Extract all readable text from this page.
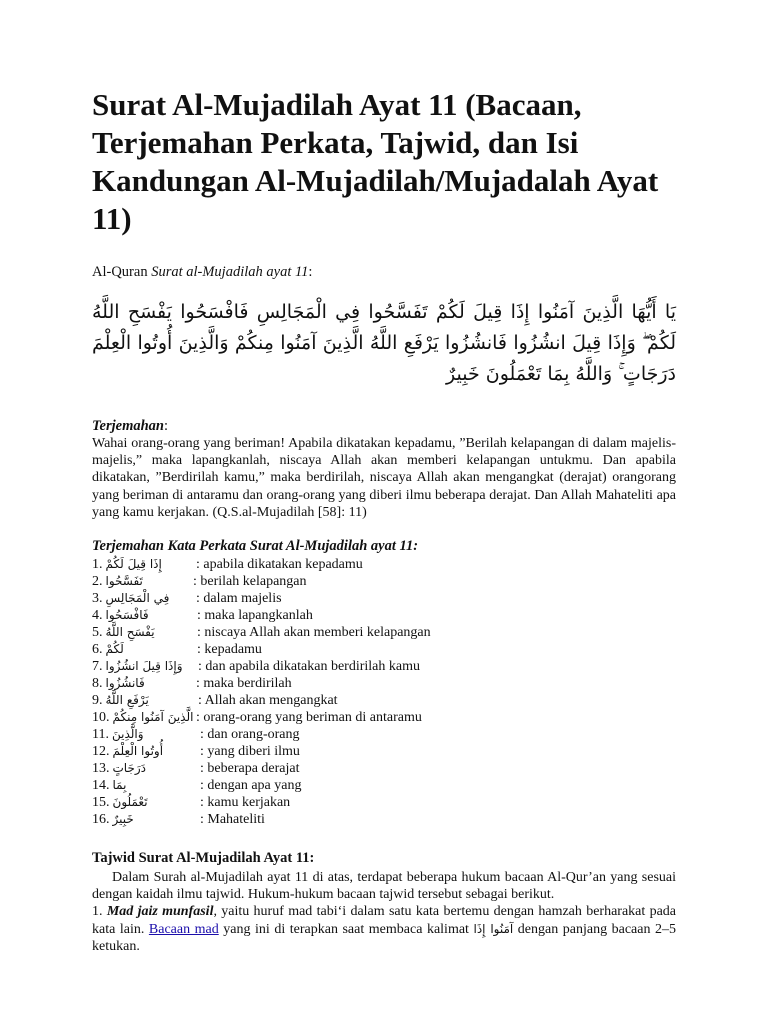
Surat Al-Mujadilah Ayat 11 (Bacaan, Terjemahan Perkata, Tajwid, dan Isi Kandungan Al-Mujadilah/Mujadalah Ayat 11)

Al-Quran Surat al-Mujadilah ayat 11:

يَا أَيُّهَا الَّذِينَ آمَنُوا إِذَا قِيلَ لَكُمْ تَفَسَّحُوا فِي الْمَجَالِسِ فَافْسَحُوا يَفْسَحِ اللَّهُ لَكُمْ ۖ وَإِذَا قِيلَ انشُزُوا فَانشُزُوا يَرْفَعِ اللَّهُ الَّذِينَ آمَنُوا مِنكُمْ وَالَّذِينَ أُوتُوا الْعِلْمَ دَرَجَاتٍ ۚ وَاللَّهُ بِمَا تَعْمَلُونَ خَبِيرٌ

Terjemahan:

Wahai orang-orang yang beriman! Apabila dikatakan kepadamu, ”Berilah kelapangan di dalam majelis-majelis,” maka lapangkanlah, niscaya Allah akan memberi kelapangan untukmu. Dan apabila dikatakan, ”Berdirilah kamu,” maka berdirilah, niscaya Allah akan mengangkat (derajat) orangorang yang beriman di antaramu dan orang-orang yang diberi ilmu beberapa derajat. Dan Allah Mahateliti apa yang kamu kerjakan. (Q.S.al-Mujadilah [58]: 11)

Terjemahan Kata Perkata Surat Al-Mujadilah ayat 11:

1. إِذَا قِيلَ لَكُمْ : apabila dikatakan kepadamu
2. تَفَسَّحُوا	: berilah kelapangan
3. فِي الْمَجَالِسِ : dalam majelis
4. فَافْسَحُوا	: maka lapangkanlah
5. يَفْسَحِ اللَّهُ	: niscaya Allah akan memberi kelapangan
6. لَكُمْ	: kepadamu
7. وَإِذَا قِيلَ انشُزُوا : dan apabila dikatakan berdirilah kamu
8. فَانشُزُوا	: maka berdirilah
9. يَرْفَعِ اللَّهُ	: Allah akan mengangkat
10. الَّذِينَ آمَنُوا مِنكُمْ : orang-orang yang beriman di antaramu
11. وَالَّذِينَ	: dan orang-orang
12. أُوتُوا الْعِلْمَ	: yang diberi ilmu
13. دَرَجَاتٍ	: beberapa derajat
14. بِمَا	: dengan apa yang
15. تَعْمَلُونَ	: kamu kerjakan
16. خَبِيرٌ	: Mahateliti

Tajwid Surat Al-Mujadilah Ayat 11:

Dalam Surah al-Mujadilah ayat 11 di atas, terdapat beberapa hukum bacaan Al-Qur’an yang sesuai dengan kaidah ilmu tajwid. Hukum-hukum bacaan tajwid tersebut sebagai berikut.

1. Mad jaiz munfasil, yaitu huruf mad tabi‘i dalam satu kata bertemu dengan hamzah berharakat pada kata lain. Bacaan mad yang ini di terapkan saat membaca kalimat آمَنُوا إِذَا dengan panjang bacaan 2–5 ketukan.
